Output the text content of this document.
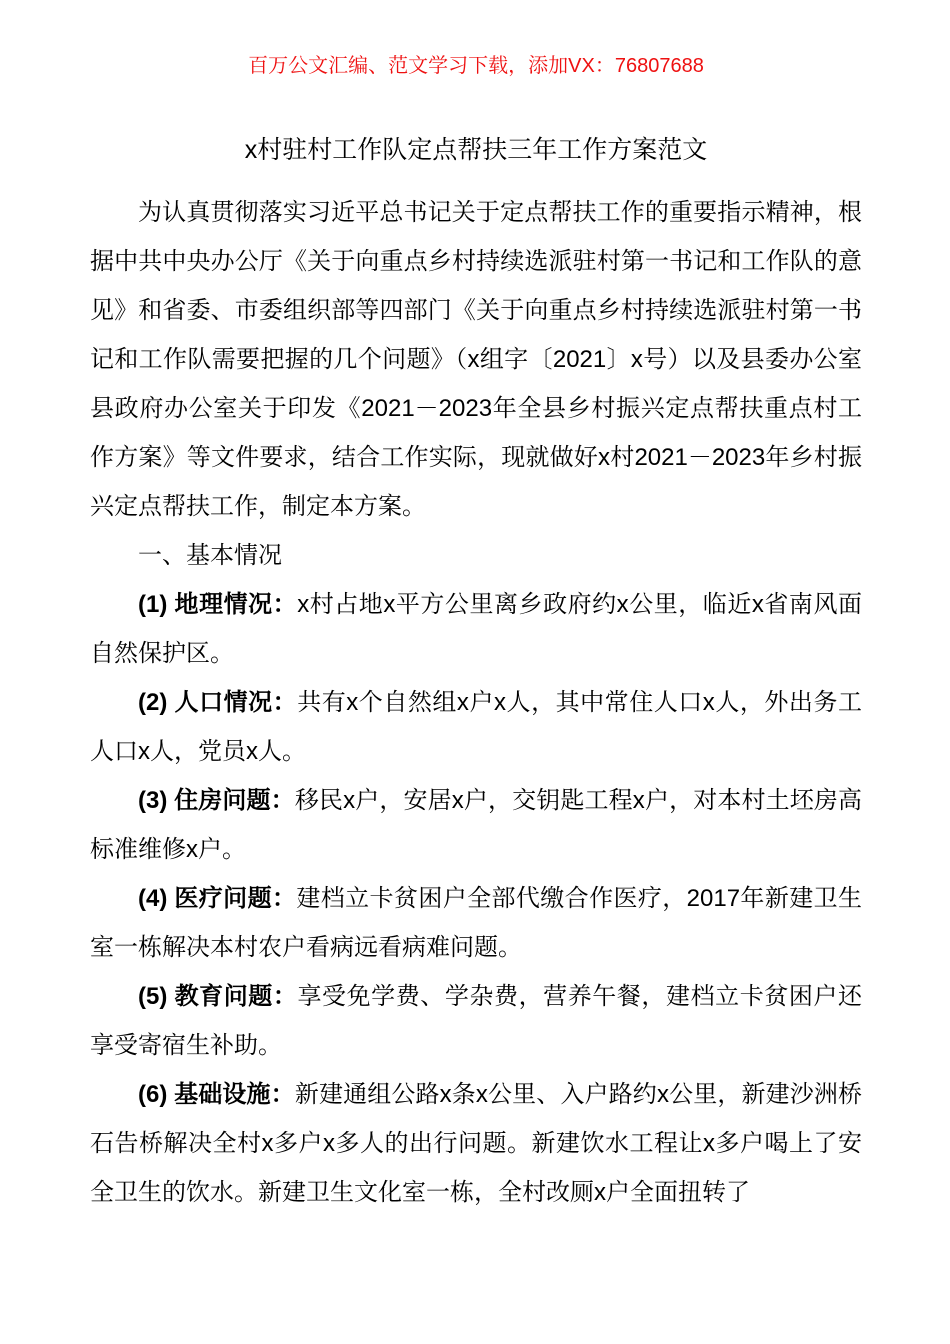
百万公文汇编、范文学习下载，添加VX：76807688
x村驻村工作队定点帮扶三年工作方案范文

为认真贯彻落实习近平总书记关于定点帮扶工作的重要指示精神，根据中共中央办公厅《关于向重点乡村持续选派驻村第一书记和工作队的意见》和省委、市委组织部等四部门《关于向重点乡村持续选派驻村第一书记和工作队需要把握的几个问题》（x组字〔2021〕x号）以及县委办公室县政府办公室关于印发《2021－2023年全县乡村振兴定点帮扶重点村工作方案》等文件要求，结合工作实际，现就做好x村2021－2023年乡村振兴定点帮扶工作，制定本方案。

一、基本情况

(1) 地理情况：x村占地x平方公里离乡政府约x公里，临近x省南风面自然保护区。

(2) 人口情况：共有x个自然组x户x人，其中常住人口x人，外出务工人口x人，党员x人。

(3) 住房问题：移民x户，安居x户，交钥匙工程x户，对本村土坯房高标准维修x户。

(4) 医疗问题：建档立卡贫困户全部代缴合作医疗，2017年新建卫生室一栋解决本村农户看病远看病难问题。

(5) 教育问题：享受免学费、学杂费，营养午餐，建档立卡贫困户还享受寄宿生补助。

(6) 基础设施：新建通组公路x条x公里、入户路约x公里，新建沙洲桥石告桥解决全村x多户x多人的出行问题。新建饮水工程让x多户喝上了安全卫生的饮水。新建卫生文化室一栋，全村改厕x户全面扭转了
